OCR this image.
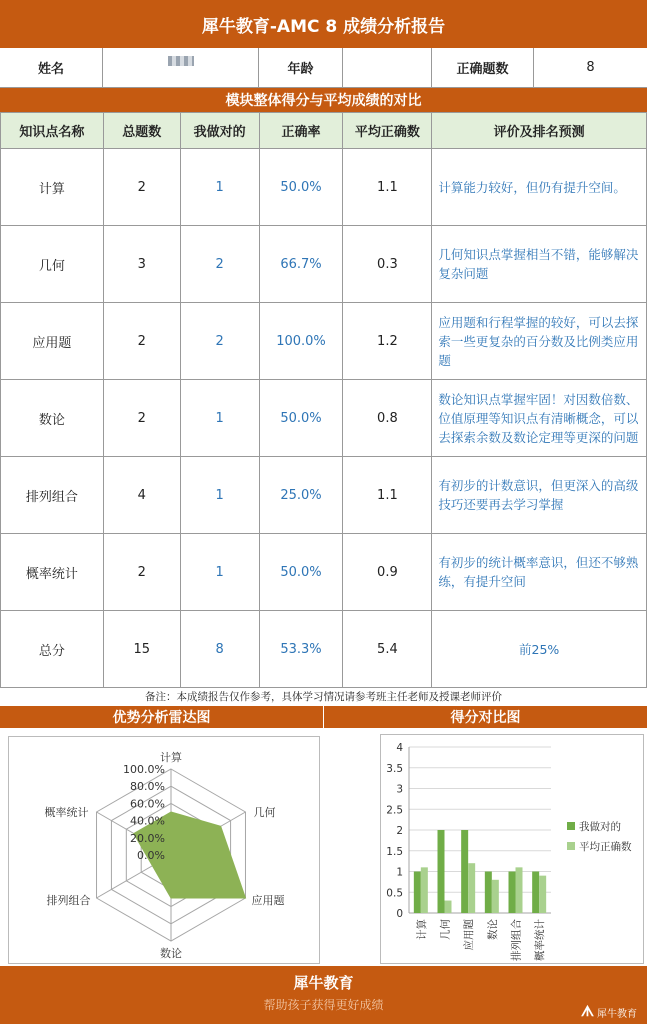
犀牛教育-AMC 8 成绩分析报告
姓名	年龄	正确题数	8
模块整体得分与平均成绩的对比
知识点名称	总题数	我做对的	正确率	平均正确数	评价及排名预测
计算	2	1	50.0%	1.1	计算能力较好，但仍有提升空间。
几何	3	2	66.7%	0.3	几何知识点掌握相当不错，能够解决复杂问题
应用题	2	2	100.0%	1.2	应用题和行程掌握的较好，可以去探索一些更复杂的百分数及比例类应用题
数论	2	1	50.0%	0.8	数论知识点掌握牢固！对因数倍数、位值原理等知识点有清晰概念，可以去探索余数及数论定理等更深的问题
排列组合	4	1	25.0%	1.1	有初步的计数意识，但更深入的高级技巧还要再去学习掌握
概率统计	2	1	50.0%	0.9	有初步的统计概率意识，但还不够熟练，有提升空间
总分	15	8	53.3%	5.4	前25%
备注：本成绩报告仅作参考，具体学习情况请参考班主任老师及授课老师评价
优势分析雷达图	得分对比图
0.0%
20.0%
40.0%
60.0%
80.0%
100.0%
计算
几何
应用题
数论
排列组合
概率统计
0
0.5
1
1.5
2
2.5
3
3.5
4
计算 几何 应用题 数论 排列组合 概率统计
我做对的
平均正确数
犀牛教育
帮助孩子获得更好成绩	ᗑ 犀牛教育
